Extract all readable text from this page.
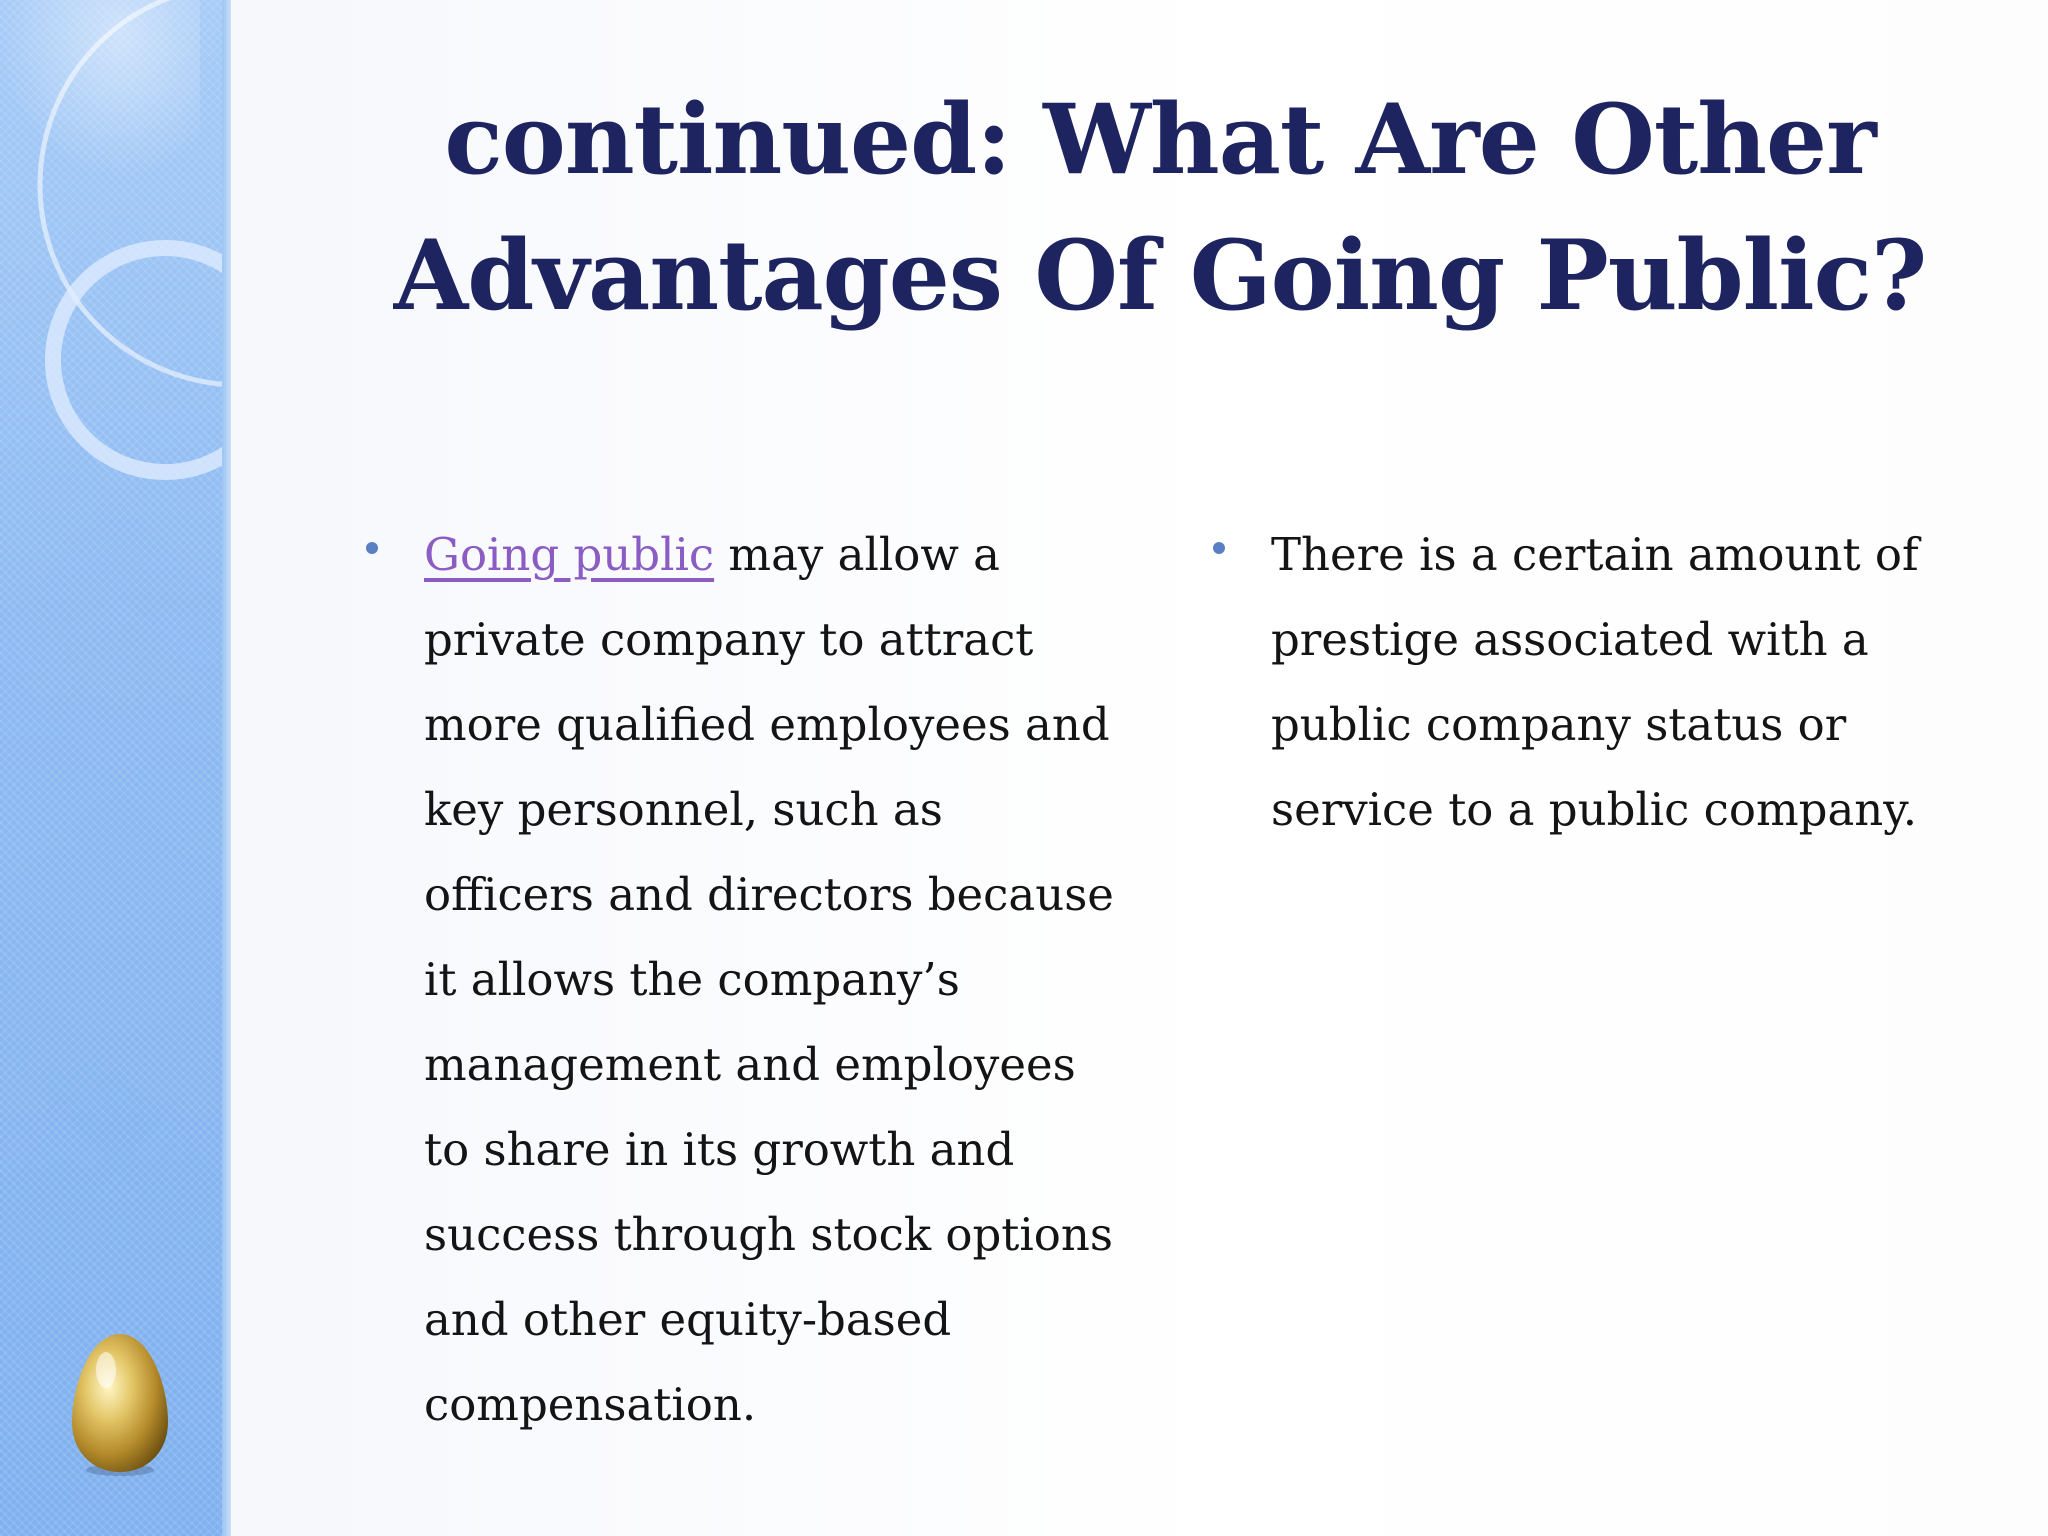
continued: What Are Other
Advantages Of Going Public?

Going public may allow a private company to attract more qualified employees and key personnel, such as officers and directors because it allows the company’s management and employees to share in its growth and success through stock options and other equity-based compensation.

There is a certain amount of prestige associated with a public company status or service to a public company.
